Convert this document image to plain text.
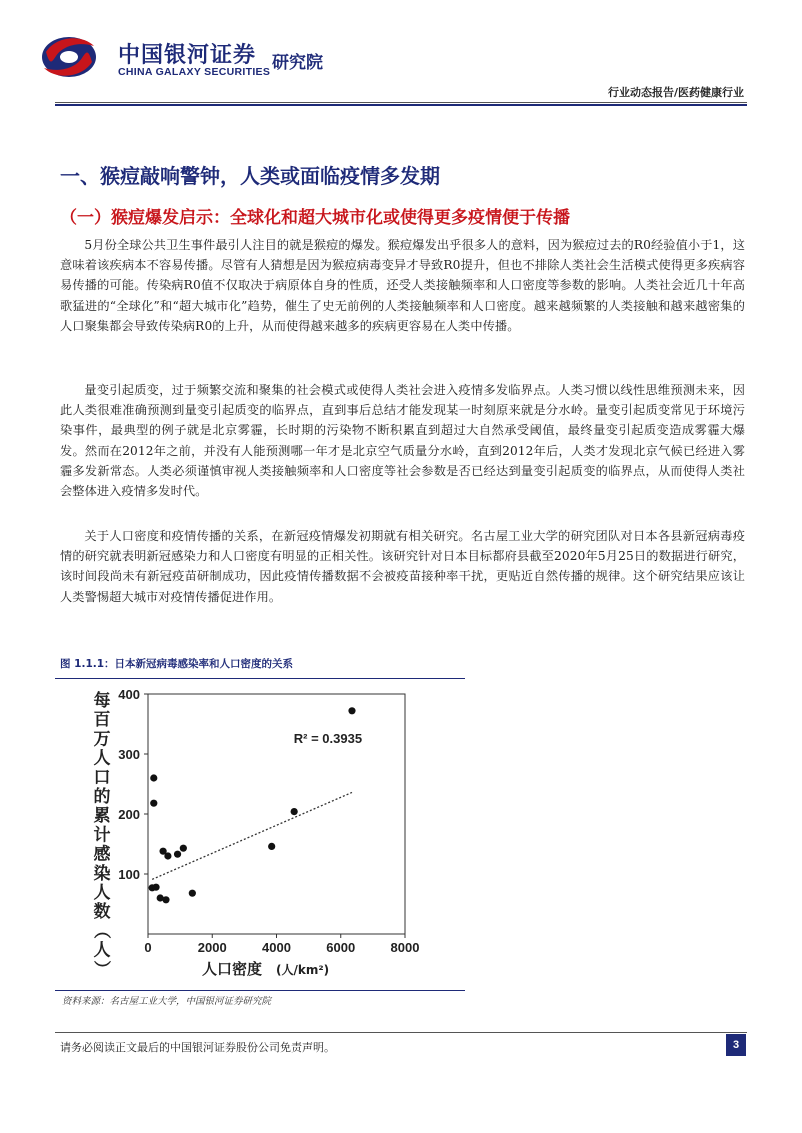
中国银河证券
CHINA GALAXY SECURITIES 研究院
行业动态报告/医药健康行业
一、猴痘敲响警钟，人类或面临疫情多发期
（一）猴痘爆发启示：全球化和超大城市化或使得更多疫情便于传播

5月份全球公共卫生事件最引人注目的就是猴痘的爆发。猴痘爆发出乎很多人的意料，因为猴痘过去的R0经验值小于1，这意味着该疾病本不容易传播。尽管有人猜想是因为猴痘病毒变异才导致R0提升，但也不排除人类社会生活模式使得更多疾病容易传播的可能。传染病R0值不仅取决于病原体自身的性质，还受人类接触频率和人口密度等参数的影响。人类社会近几十年高歌猛进的“全球化”和“超大城市化”趋势，催生了史无前例的人类接触频率和人口密度。越来越频繁的人类接触和越来越密集的人口聚集都会导致传染病R0的上升，从而使得越来越多的疾病更容易在人类中传播。

量变引起质变，过于频繁交流和聚集的社会模式或使得人类社会进入疫情多发临界点。人类习惯以线性思维预测未来，因此人类很难准确预测到量变引起质变的临界点，直到事后总结才能发现某一时刻原来就是分水岭。量变引起质变常见于环境污染事件，最典型的例子就是北京雾霾，长时期的污染物不断积累直到超过大自然承受阈值，最终量变引起质变造成雾霾大爆发。然而在2012年之前，并没有人能预测哪一年才是北京空气质量分水岭，直到2012年后，人类才发现北京气候已经进入雾霾多发新常态。人类必须谨慎审视人类接触频率和人口密度等社会参数是否已经达到量变引起质变的临界点，从而使得人类社会整体进入疫情多发时代。

关于人口密度和疫情传播的关系，在新冠疫情爆发初期就有相关研究。名古屋工业大学的研究团队对日本各县新冠病毒疫情的研究就表明新冠感染力和人口密度有明显的正相关性。该研究针对日本目标都府县截至2020年5月25日的数据进行研究，该时间段尚未有新冠疫苗研制成功，因此疫情传播数据不会被疫苗接种率干扰，更贴近自然传播的规律。这个研究结果应该让人类警惕超大城市对疫情传播促进作用。

图 1.1.1：日本新冠病毒感染率和人口密度的关系
每
百
万
人
口
的
累
计
感
染
人
数
（
人
）
0	2000	4000	6000	8000
100
200
300
400
R² = 0.3935
人口密度 (人/km²)
资料来源：名古屋工业大学，中国银河证券研究院
请务必阅读正文最后的中国银河证券股份公司免责声明。	3
